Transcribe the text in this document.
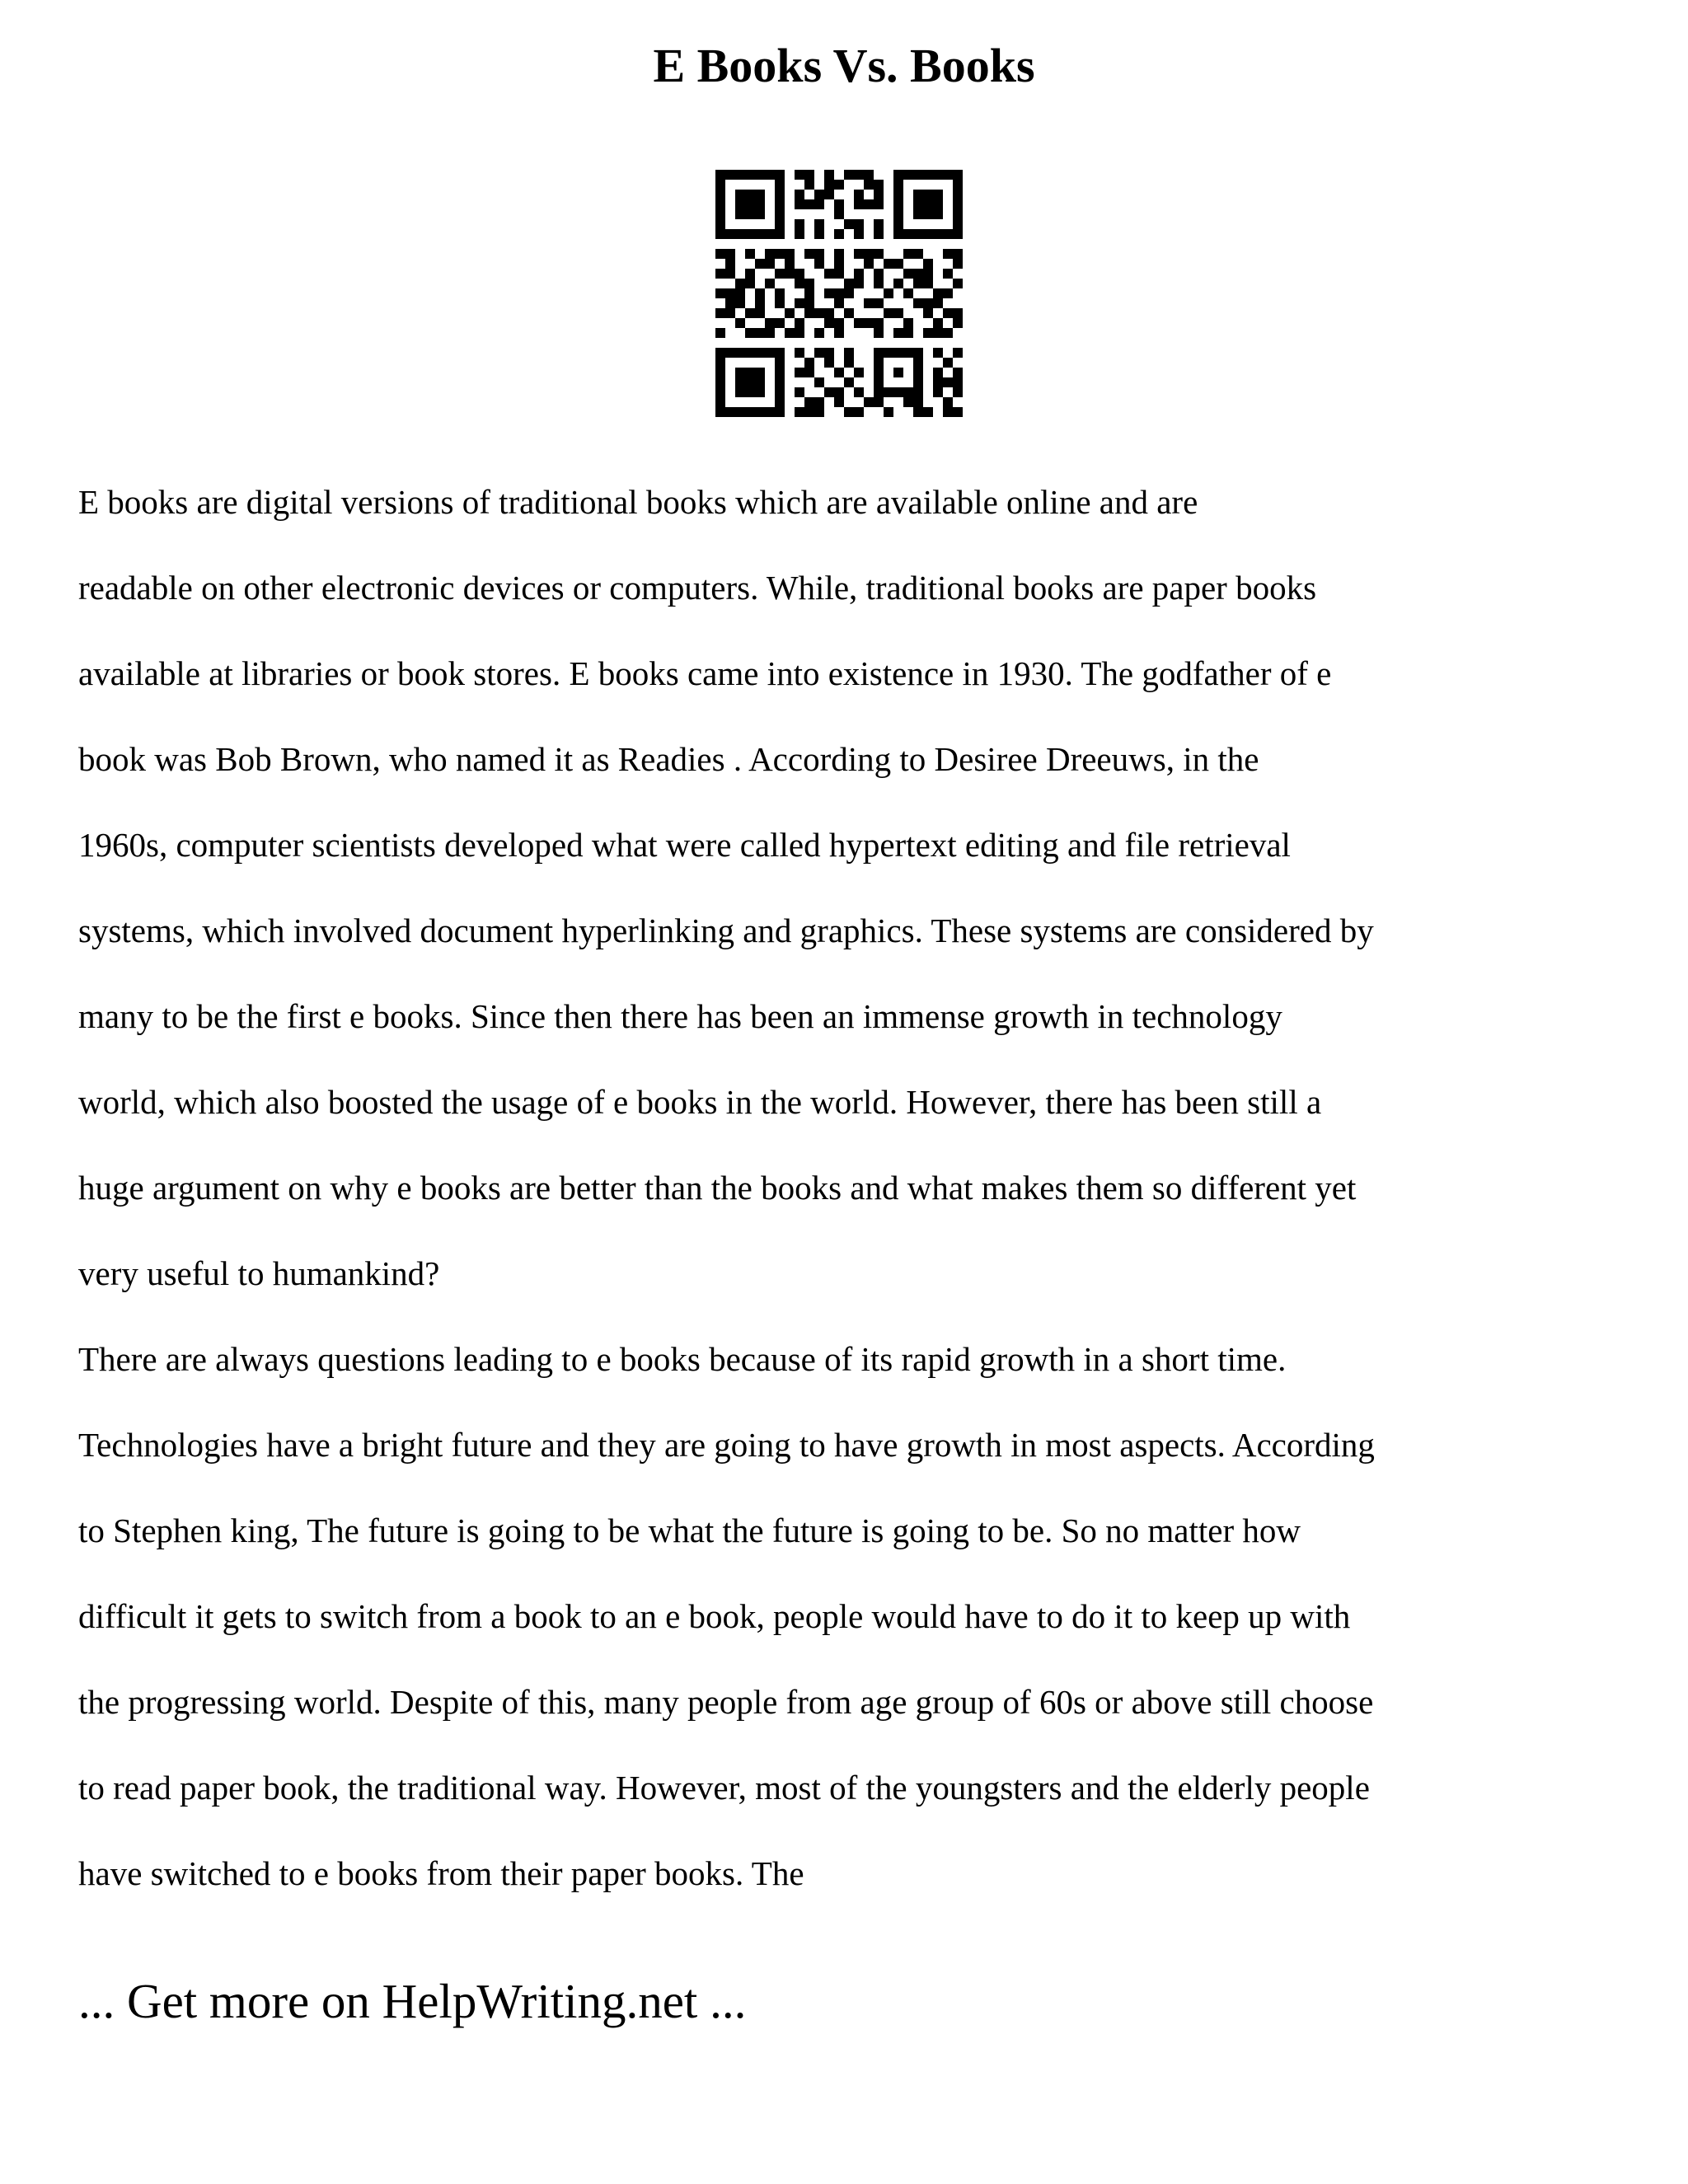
E Books Vs. Books
E books are digital versions of traditional books which are available online and are
readable on other electronic devices or computers. While, traditional books are paper books
available at libraries or book stores. E books came into existence in 1930. The godfather of e
book was Bob Brown, who named it as Readies . According to Desiree Dreeuws, in the
1960s, computer scientists developed what were called hypertext editing and file retrieval
systems, which involved document hyperlinking and graphics. These systems are considered by
many to be the first e books. Since then there has been an immense growth in technology
world, which also boosted the usage of e books in the world. However, there has been still a
huge argument on why e books are better than the books and what makes them so different yet
very useful to humankind?
There are always questions leading to e books because of its rapid growth in a short time.
Technologies have a bright future and they are going to have growth in most aspects. According
to Stephen king, The future is going to be what the future is going to be. So no matter how
difficult it gets to switch from a book to an e book, people would have to do it to keep up with
the progressing world. Despite of this, many people from age group of 60s or above still choose
to read paper book, the traditional way. However, most of the youngsters and the elderly people
have switched to e books from their paper books. The
... Get more on HelpWriting.net ...
